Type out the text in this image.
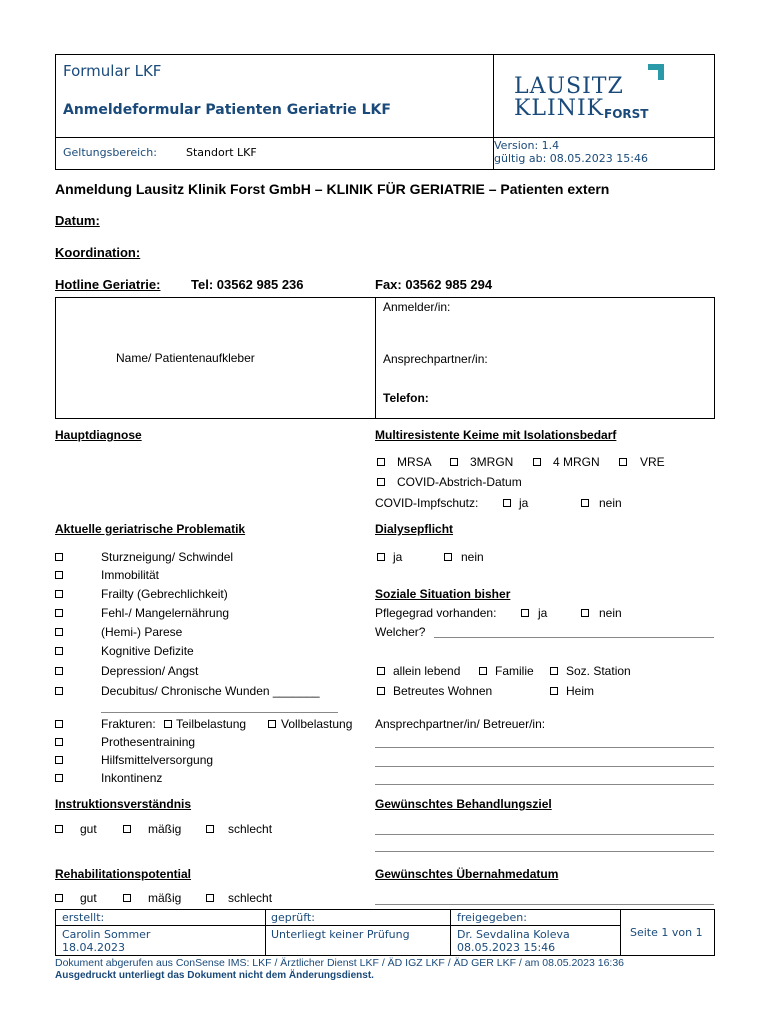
Formular LKF
Anmeldeformular Patienten Geriatrie LKF
Geltungsbereich:	Standort LKF
Version: 1.4
gültig ab: 08.05.2023 15:46
LAUSITZ
KLINIK FORST
Anmeldung Lausitz Klinik Forst GmbH – KLINIK FÜR GERIATRIE – Patienten extern
Datum:
Koordination:
Hotline Geriatrie: Tel: 03562 985 236	Fax: 03562 985 294
Name/ Patientenaufkleber
Anmelder/in:
Ansprechpartner/in:
Telefon:
Hauptdiagnose
Aktuelle geriatrische Problematik
Sturzneigung/ Schwindel
Immobilität
Frailty (Gebrechlichkeit)
Fehl-/ Mangelernährung
(Hemi-) Parese
Kognitive Defizite
Depression/ Angst
Decubitus/ Chronische Wunden _______
Frakturen: Teilbelastung	Vollbelastung
Prothesentraining
Hilfsmittelversorgung
Inkontinenz
Instruktionsverständnis
gut	mäßig	schlecht
Rehabilitationspotential
gut	mäßig	schlecht
Multiresistente Keime mit Isolationsbedarf
MRSA	3MRGN	4 MRGN	VRE
COVID-Abstrich-Datum
COVID-Impfschutz:	ja	nein
Dialysepflicht
ja	nein
Soziale Situation bisher
Pflegegrad vorhanden:	ja	nein
Welcher?
allein lebend	Familie	Soz. Station
Betreutes Wohnen	Heim
Ansprechpartner/in/ Betreuer/in:
Gewünschtes Behandlungsziel
Gewünschtes Übernahmedatum
erstellt:
Carolin Sommer
18.04.2023
geprüft:
Unterliegt keiner Prüfung
freigegeben:
Dr. Sevdalina Koleva
08.05.2023 15:46
Seite 1 von 1
Dokument abgerufen aus ConSense IMS: LKF / Ärztlicher Dienst LKF / ÄD IGZ LKF / ÄD GER LKF / am 08.05.2023 16:36
Ausgedruckt unterliegt das Dokument nicht dem Änderungsdienst.
